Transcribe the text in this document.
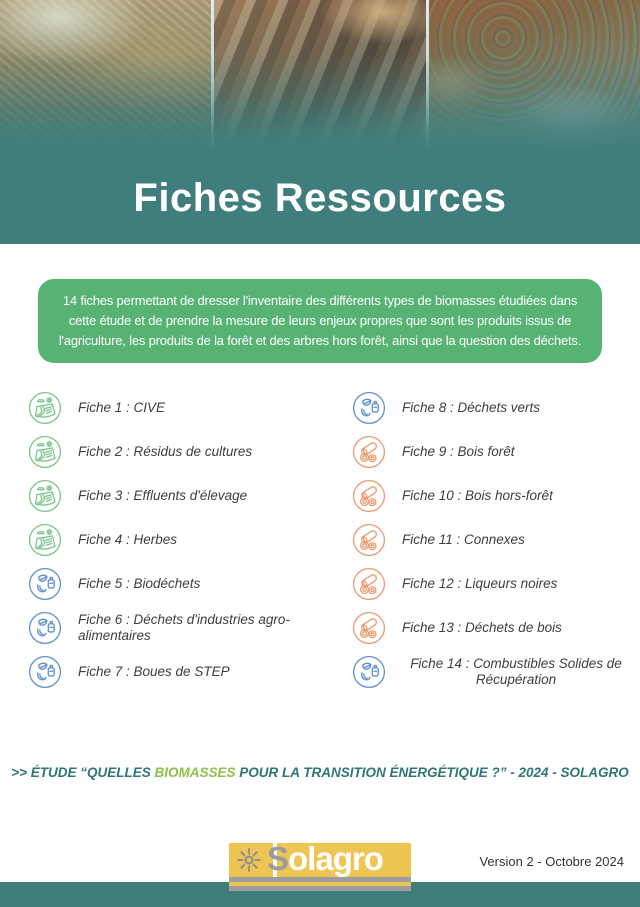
Fiches Ressources

14 fiches permettant de dresser l'inventaire des différents types de biomasses étudiées dans cette étude et de prendre la mesure de leurs enjeux propres que sont les produits issus de l'agriculture, les produits de la forêt et des arbres hors forêt, ainsi que la question des déchets.

Fiche 1 : CIVE
Fiche 2 : Résidus de cultures
Fiche 3 : Effluents d'élevage
Fiche 4 : Herbes
Fiche 5 : Biodéchets
Fiche 6 : Déchets d'industries agro-alimentaires
Fiche 7 : Boues de STEP
Fiche 8 : Déchets verts
Fiche 9 : Bois forêt
Fiche 10 : Bois hors-forêt
Fiche 11 : Connexes
Fiche 12 : Liqueurs noires
Fiche 13 : Déchets de bois
Fiche 14 : Combustibles Solides de Récupération
>> ÉTUDE “QUELLES BIOMASSES POUR LA TRANSITION ÉNERGÉTIQUE ?” - 2024 - SOLAGRO
Solagro	Version 2 - Octobre 2024
